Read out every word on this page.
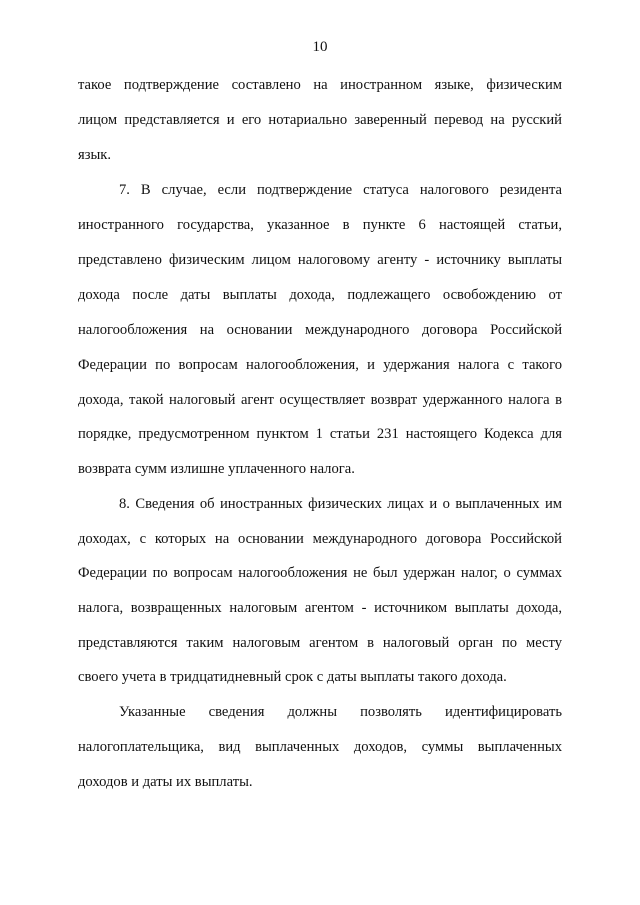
10
такое подтверждение составлено на иностранном языке, физическим
лицом представляется и его нотариально заверенный перевод на русский
язык.
7. В случае, если подтверждение статуса налогового резидента
иностранного государства, указанное в пункте 6 настоящей статьи,
представлено физическим лицом налоговому агенту - источнику выплаты
дохода после даты выплаты дохода, подлежащего освобождению от
налогообложения на основании международного договора Российской
Федерации по вопросам налогообложения, и удержания налога с такого
дохода, такой налоговый агент осуществляет возврат удержанного налога в
порядке, предусмотренном пунктом 1 статьи 231 настоящего Кодекса для
возврата сумм излишне уплаченного налога.
8. Сведения об иностранных физических лицах и о выплаченных им
доходах, с которых на основании международного договора Российской
Федерации по вопросам налогообложения не был удержан налог, о суммах
налога, возвращенных налоговым агентом - источником выплаты дохода,
представляются таким налоговым агентом в налоговый орган по месту
своего учета в тридцатидневный срок с даты выплаты такого дохода.
Указанные сведения должны позволять идентифицировать
налогоплательщика, вид выплаченных доходов, суммы выплаченных
доходов и даты их выплаты.
